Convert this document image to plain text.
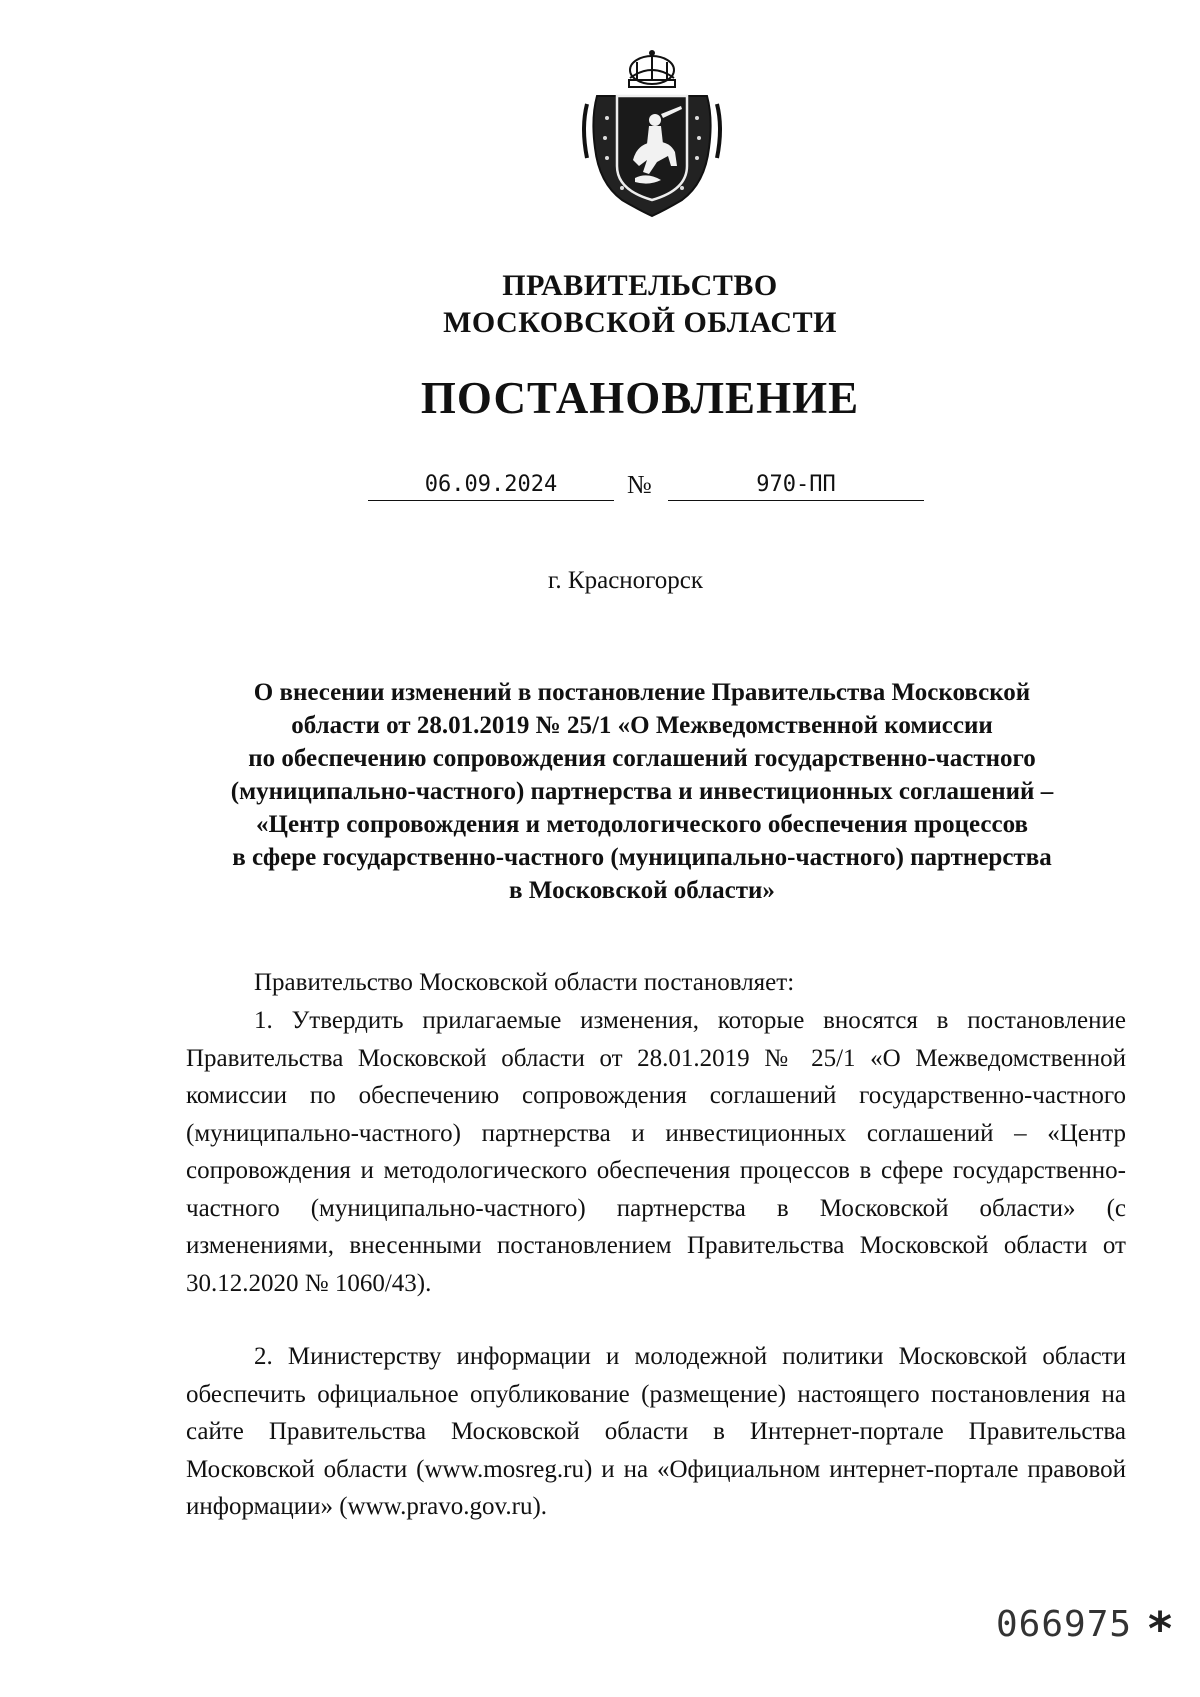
ПРАВИТЕЛЬСТВО
МОСКОВСКОЙ ОБЛАСТИ
ПОСТАНОВЛЕНИЕ
06.09.2024	№	970-ПП
г. Красногорск
О внесении изменений в постановление Правительства Московской
области от 28.01.2019 № 25/1 «О Межведомственной комиссии
по обеспечению сопровождения соглашений государственно-частного
(муниципально-частного) партнерства и инвестиционных соглашений –
«Центр сопровождения и методологического обеспечения процессов
в сфере государственно-частного (муниципально-частного) партнерства
в Московской области»
Правительство Московской области постановляет:
1. Утвердить прилагаемые изменения, которые вносятся в постановление Правительства Московской области от 28.01.2019 № 25/1 «О Межведомственной комиссии по обеспечению сопровождения соглашений государственно-частного (муниципально-частного) партнерства и инвестиционных соглашений – «Центр сопровождения и методологического обеспечения процессов в сфере государственно-частного (муниципально-частного) партнерства в Московской области» (с изменениями, внесенными постановлением Правительства Московской области от 30.12.2020 № 1060/43).
2. Министерству информации и молодежной политики Московской области обеспечить официальное опубликование (размещение) настоящего постановления на сайте Правительства Московской области в Интернет-портале Правительства Московской области (www.mosreg.ru) и на «Официальном интернет-портале правовой информации» (www.pravo.gov.ru).
066975 *
